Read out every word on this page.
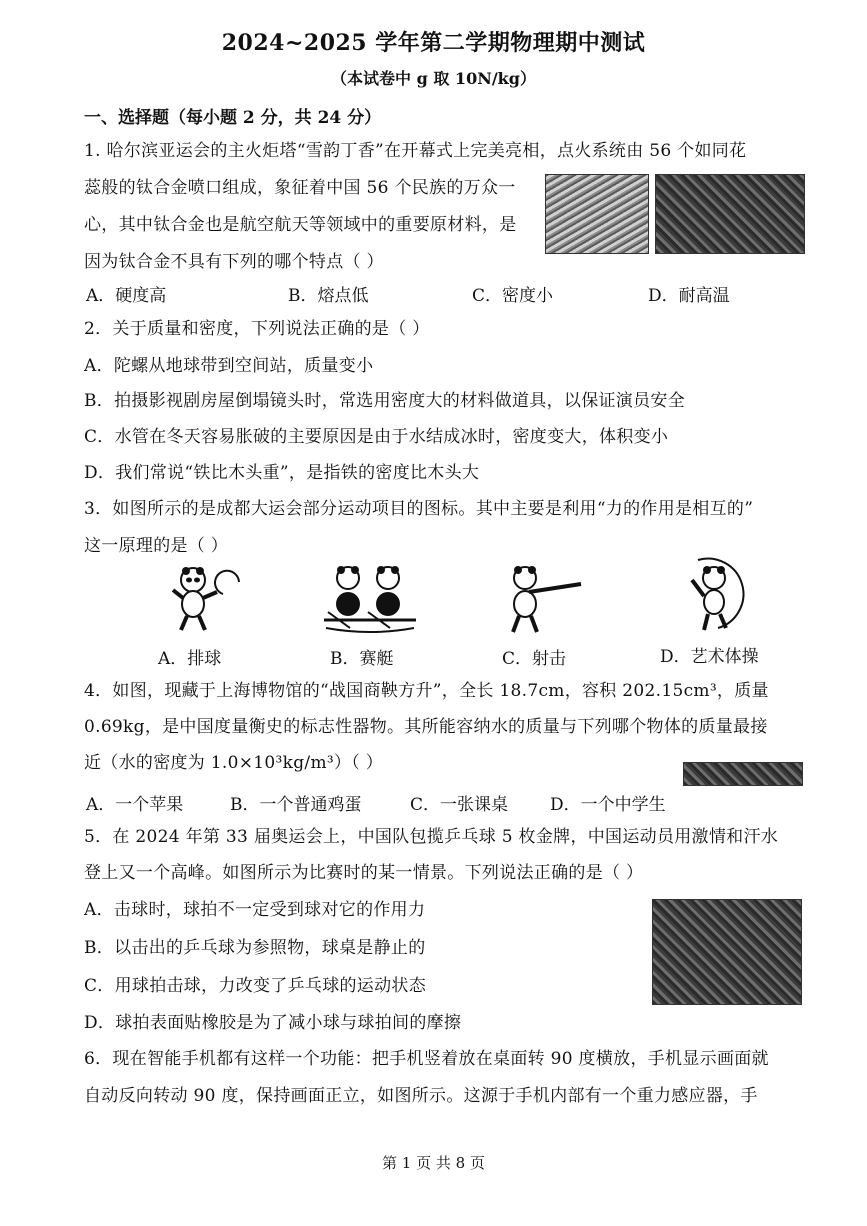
2024~2025 学年第二学期物理期中测试
（本试卷中 g 取 10N/kg）
一、选择题（每小题 2 分，共 24 分）
1. 哈尔滨亚运会的主火炬塔“雪韵丁香”在开幕式上完美亮相，点火系统由 56 个如同花
蕊般的钛合金喷口组成，象征着中国 56 个民族的万众一
心，其中钛合金也是航空航天等领域中的重要原材料，是
因为钛合金不具有下列的哪个特点（ ）
A．硬度高	B．熔点低	C．密度小	D．耐高温
2．关于质量和密度，下列说法正确的是（ ）
A．陀螺从地球带到空间站，质量变小
B．拍摄影视剧房屋倒塌镜头时，常选用密度大的材料做道具，以保证演员安全
C．水管在冬天容易胀破的主要原因是由于水结成冰时，密度变大，体积变小
D．我们常说“铁比木头重”，是指铁的密度比木头大
3．如图所示的是成都大运会部分运动项目的图标。其中主要是利用“力的作用是相互的”
这一原理的是（ ）
A．排球	B．赛艇	C．射击	D．艺术体操
4．如图，现藏于上海博物馆的“战国商鞅方升”，全长 18.7cm，容积 202.15cm³，质量
0.69kg，是中国度量衡史的标志性器物。其所能容纳水的质量与下列哪个物体的质量最接
近（水的密度为 1.0×10³kg/m³）（ ）
A．一个苹果	B．一个普通鸡蛋	C．一张课桌 D．一个中学生
5．在 2024 年第 33 届奥运会上，中国队包揽乒乓球 5 枚金牌，中国运动员用激情和汗水
登上又一个高峰。如图所示为比赛时的某一情景。下列说法正确的是（ ）
A．击球时，球拍不一定受到球对它的作用力
B．以击出的乒乓球为参照物，球桌是静止的
C．用球拍击球，力改变了乒乓球的运动状态
D．球拍表面贴橡胶是为了减小球与球拍间的摩擦
6．现在智能手机都有这样一个功能：把手机竖着放在桌面转 90 度横放，手机显示画面就
自动反向转动 90 度，保持画面正立，如图所示。这源于手机内部有一个重力感应器，手
第 1 页 共 8 页
